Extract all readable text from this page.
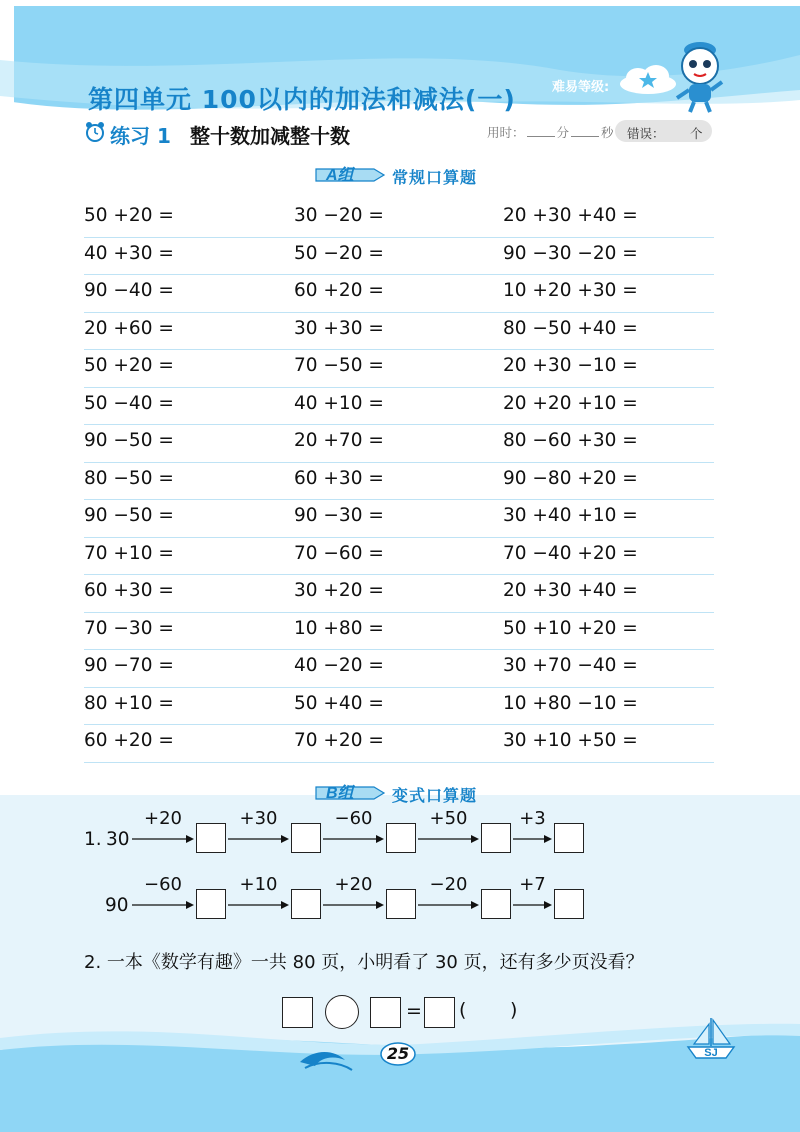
第四单元 100以内的加法和减法(一)	难易等级:
练习 1 整十数加减整十数	用时：	分	秒 错误： 个
A组 常规口算题
50 +20 =	30 −20 =	20 +30 +40 =
40 +30 =	50 −20 =	90 −30 −20 =
90 −40 =	60 +20 =	10 +20 +30 =
20 +60 =	30 +30 =	80 −50 +40 =
50 +20 =	70 −50 =	20 +30 −10 =
50 −40 =	40 +10 =	20 +20 +10 =
90 −50 =	20 +70 =	80 −60 +30 =
80 −50 =	60 +30 =	90 −80 +20 =
90 −50 =	90 −30 =	30 +40 +10 =
70 +10 =	70 −60 =	70 −40 +20 =
60 +30 =	30 +20 =	20 +30 +40 =
70 −30 =	10 +80 =	50 +10 +20 =
90 −70 =	40 −20 =	30 +70 −40 =
80 +10 =	50 +40 =	10 +80 −10 =
60 +20 =	70 +20 =	30 +10 +50 =
B组 变式口算题
1. 30
+20	+30	−60	+50	+3
90
−60	+10	+20	−20	+7
2. 一本《数学有趣》一共 80 页，小明看了 30 页，还有多少页没看？
= ( )
25	SJ
